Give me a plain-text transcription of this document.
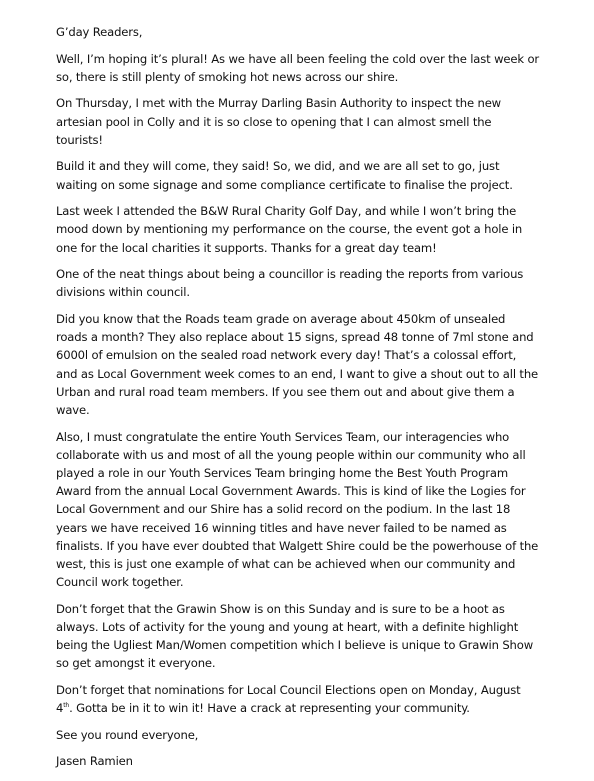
G’day Readers,

Well, I’m hoping it’s plural! As we have all been feeling the cold over the last week or so, there is still plenty of smoking hot news across our shire.

On Thursday, I met with the Murray Darling Basin Authority to inspect the new artesian pool in Colly and it is so close to opening that I can almost smell the tourists!

Build it and they will come, they said! So, we did, and we are all set to go, just waiting on some signage and some compliance certificate to finalise the project.

Last week I attended the B&W Rural Charity Golf Day, and while I won’t bring the mood down by mentioning my performance on the course, the event got a hole in one for the local charities it supports. Thanks for a great day team!

One of the neat things about being a councillor is reading the reports from various divisions within council.

Did you know that the Roads team grade on average about 450km of unsealed roads a month? They also replace about 15 signs, spread 48 tonne of 7ml stone and 6000l of emulsion on the sealed road network every day! That’s a colossal effort, and as Local Government week comes to an end, I want to give a shout out to all the Urban and rural road team members. If you see them out and about give them a wave.

Also, I must congratulate the entire Youth Services Team, our interagencies who collaborate with us and most of all the young people within our community who all played a role in our Youth Services Team bringing home the Best Youth Program Award from the annual Local Government Awards. This is kind of like the Logies for Local Government and our Shire has a solid record on the podium. In the last 18 years we have received 16 winning titles and have never failed to be named as finalists. If you have ever doubted that Walgett Shire could be the powerhouse of the west, this is just one example of what can be achieved when our community and Council work together.

Don’t forget that the Grawin Show is on this Sunday and is sure to be a hoot as always. Lots of activity for the young and young at heart, with a definite highlight being the Ugliest Man/Women competition which I believe is unique to Grawin Show so get amongst it everyone.

Don’t forget that nominations for Local Council Elections open on Monday, August 4th. Gotta be in it to win it! Have a crack at representing your community.

See you round everyone,

Jasen Ramien
